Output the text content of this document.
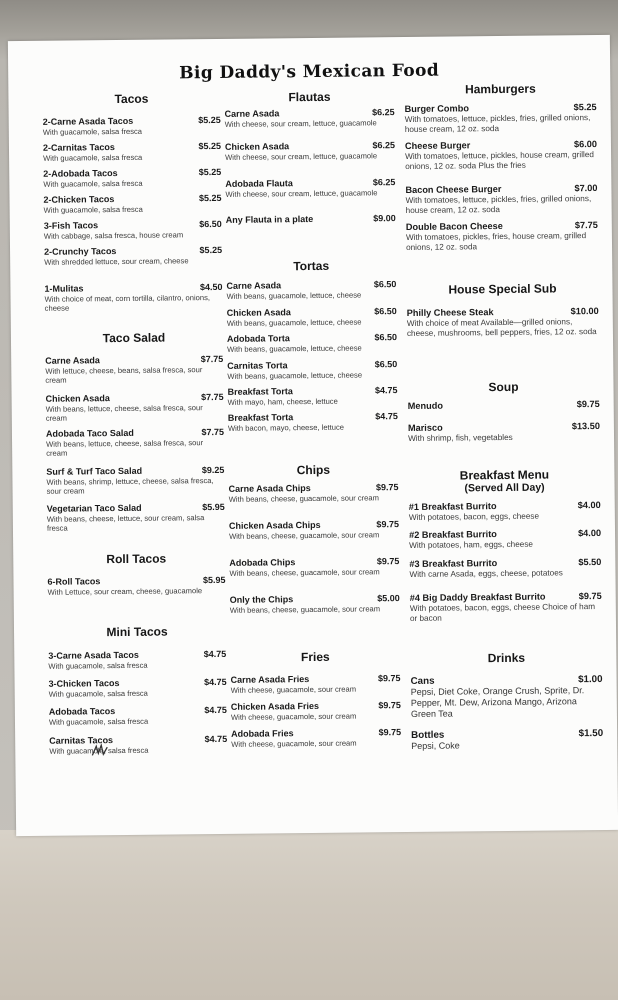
Big Daddy's Mexican Food
Tacos
2-Carne Asada Tacos	$5.25
With guacamole, salsa fresca
2-Carnitas Tacos	$5.25
With guacamole, salsa fresca
2-Adobada Tacos	$5.25
With guacamole, salsa fresca
2-Chicken Tacos	$5.25
With guacamole, salsa fresca
3-Fish Tacos	$6.50
With cabbage, salsa fresca, house cream
2-Crunchy Tacos	$5.25
With shredded lettuce, sour cream, cheese
1-Mulitas	$4.50
With choice of meat, corn tortilla, cilantro, onions, cheese
Taco Salad
Carne Asada	$7.75
With lettuce, cheese, beans, salsa fresca, sour cream
Chicken Asada	$7.75
With beans, lettuce, cheese, salsa fresca, sour cream
Adobada Taco Salad	$7.75
With beans, lettuce, cheese, salsa fresca, sour cream
Surf & Turf Taco Salad	$9.25
With beans, shrimp, lettuce, cheese, salsa fresca, sour cream
Vegetarian Taco Salad	$5.95
With beans, cheese, lettuce, sour cream, salsa fresca
Roll Tacos
6-Roll Tacos	$5.95
With Lettuce, sour cream, cheese, guacamole
Mini Tacos
3-Carne Asada Tacos	$4.75
With guacamole, salsa fresca
3-Chicken Tacos	$4.75
With guacamole, salsa fresca
Adobada Tacos	$4.75
With guacamole, salsa fresca
Carnitas Tacos	$4.75
With guacamole, salsa fresca
Flautas
Carne Asada	$6.25
With cheese, sour cream, lettuce, guacamole
Chicken Asada	$6.25
With cheese, sour cream, lettuce, guacamole
Adobada Flauta	$6.25
With cheese, sour cream, lettuce, guacamole
Any Flauta in a plate	$9.00
Tortas
Carne Asada	$6.50
With beans, guacamole, lettuce, cheese
Chicken Asada	$6.50
With beans, guacamole, lettuce, cheese
Adobada Torta	$6.50
With beans, guacamole, lettuce, cheese
Carnitas Torta	$6.50
With beans, guacamole, lettuce, cheese
Breakfast Torta	$4.75
With mayo, ham, cheese, lettuce
Breakfast Torta	$4.75
With bacon, mayo, cheese, lettuce
Chips
Carne Asada Chips	$9.75
With beans, cheese, guacamole, sour cream
Chicken Asada Chips	$9.75
With beans, cheese, guacamole, sour cream
Adobada Chips	$9.75
With beans, cheese, guacamole, sour cream
Only the Chips	$5.00
With beans, cheese, guacamole, sour cream
Fries
Carne Asada Fries	$9.75
With cheese, guacamole, sour cream
Chicken Asada Fries	$9.75
With cheese, guacamole, sour cream
Adobada Fries	$9.75
With cheese, guacamole, sour cream
Hamburgers
Burger Combo	$5.25
With tomatoes, lettuce, pickles, fries, grilled onions, house cream, 12 oz. soda
Cheese Burger	$6.00
With tomatoes, lettuce, pickles, house cream, grilled onions, 12 oz. soda Plus the fries
Bacon Cheese Burger	$7.00
With tomatoes, lettuce, pickles, fries, grilled onions, house cream, 12 oz. soda
Double Bacon Cheese	$7.75
With tomatoes, pickles, fries, house cream, grilled onions, 12 oz. soda
House Special Sub
Philly Cheese Steak	$10.00
With choice of meat Available—grilled onions, cheese, mushrooms, bell peppers, fries, 12 oz. soda
Soup
Menudo	$9.75
Marisco	$13.50
With shrimp, fish, vegetables
Breakfast Menu
(Served All Day)
#1 Breakfast Burrito	$4.00
With potatoes, bacon, eggs, cheese
#2 Breakfast Burrito	$4.00
With potatoes, ham, eggs, cheese
#3 Breakfast Burrito	$5.50
With carne Asada, eggs, cheese, potatoes
#4 Big Daddy Breakfast Burrito	$9.75
With potatoes, bacon, eggs, cheese Choice of ham or bacon
Drinks
Cans	$1.00
Pepsi, Diet Coke, Orange Crush, Sprite, Dr. Pepper, Mt. Dew, Arizona Mango, Arizona Green Tea
Bottles	$1.50
Pepsi, Coke
